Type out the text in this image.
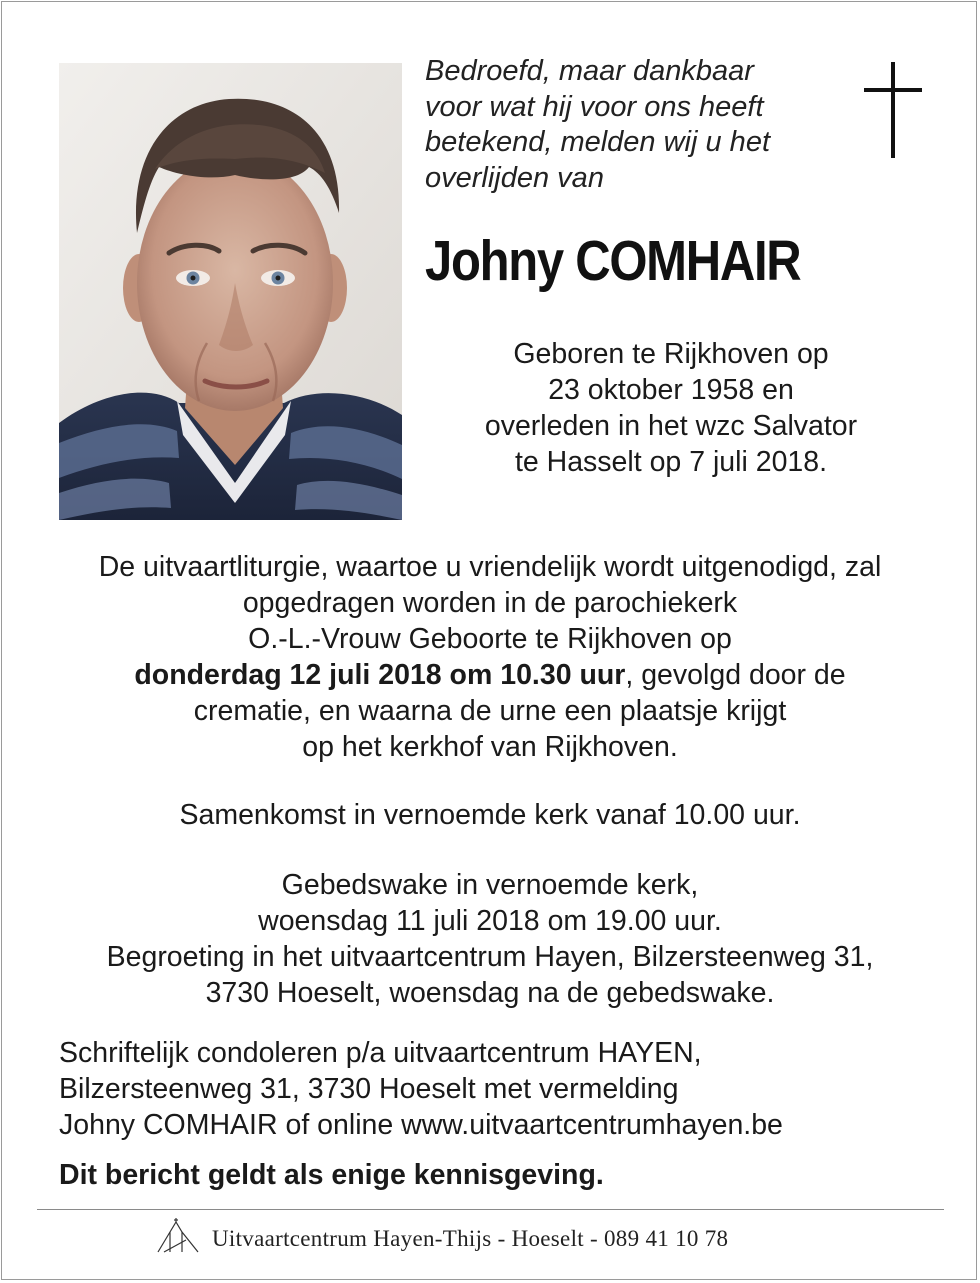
Bedroefd, maar dankbaar
voor wat hij voor ons heeft
betekend, melden wij u het
overlijden van
Johny COMHAIR
Geboren te Rijkhoven op
23 oktober 1958 en
overleden in het wzc Salvator
te Hasselt op 7 juli 2018.
De uitvaartliturgie, waartoe u vriendelijk wordt uitgenodigd, zal
opgedragen worden in de parochiekerk
O.-L.-Vrouw Geboorte te Rijkhoven op
donderdag 12 juli 2018 om 10.30 uur, gevolgd door de
crematie, en waarna de urne een plaatsje krijgt
op het kerkhof van Rijkhoven.
Samenkomst in vernoemde kerk vanaf 10.00 uur.
Gebedswake in vernoemde kerk,
woensdag 11 juli 2018 om 19.00 uur.
Begroeting in het uitvaartcentrum Hayen, Bilzersteenweg 31,
3730 Hoeselt, woensdag na de gebedswake.
Schriftelijk condoleren p/a uitvaartcentrum HAYEN,
Bilzersteenweg 31, 3730 Hoeselt met vermelding
Johny COMHAIR of online www.uitvaartcentrumhayen.be
Dit bericht geldt als enige kennisgeving.
Uitvaartcentrum Hayen-Thijs - Hoeselt - 089 41 10 78
